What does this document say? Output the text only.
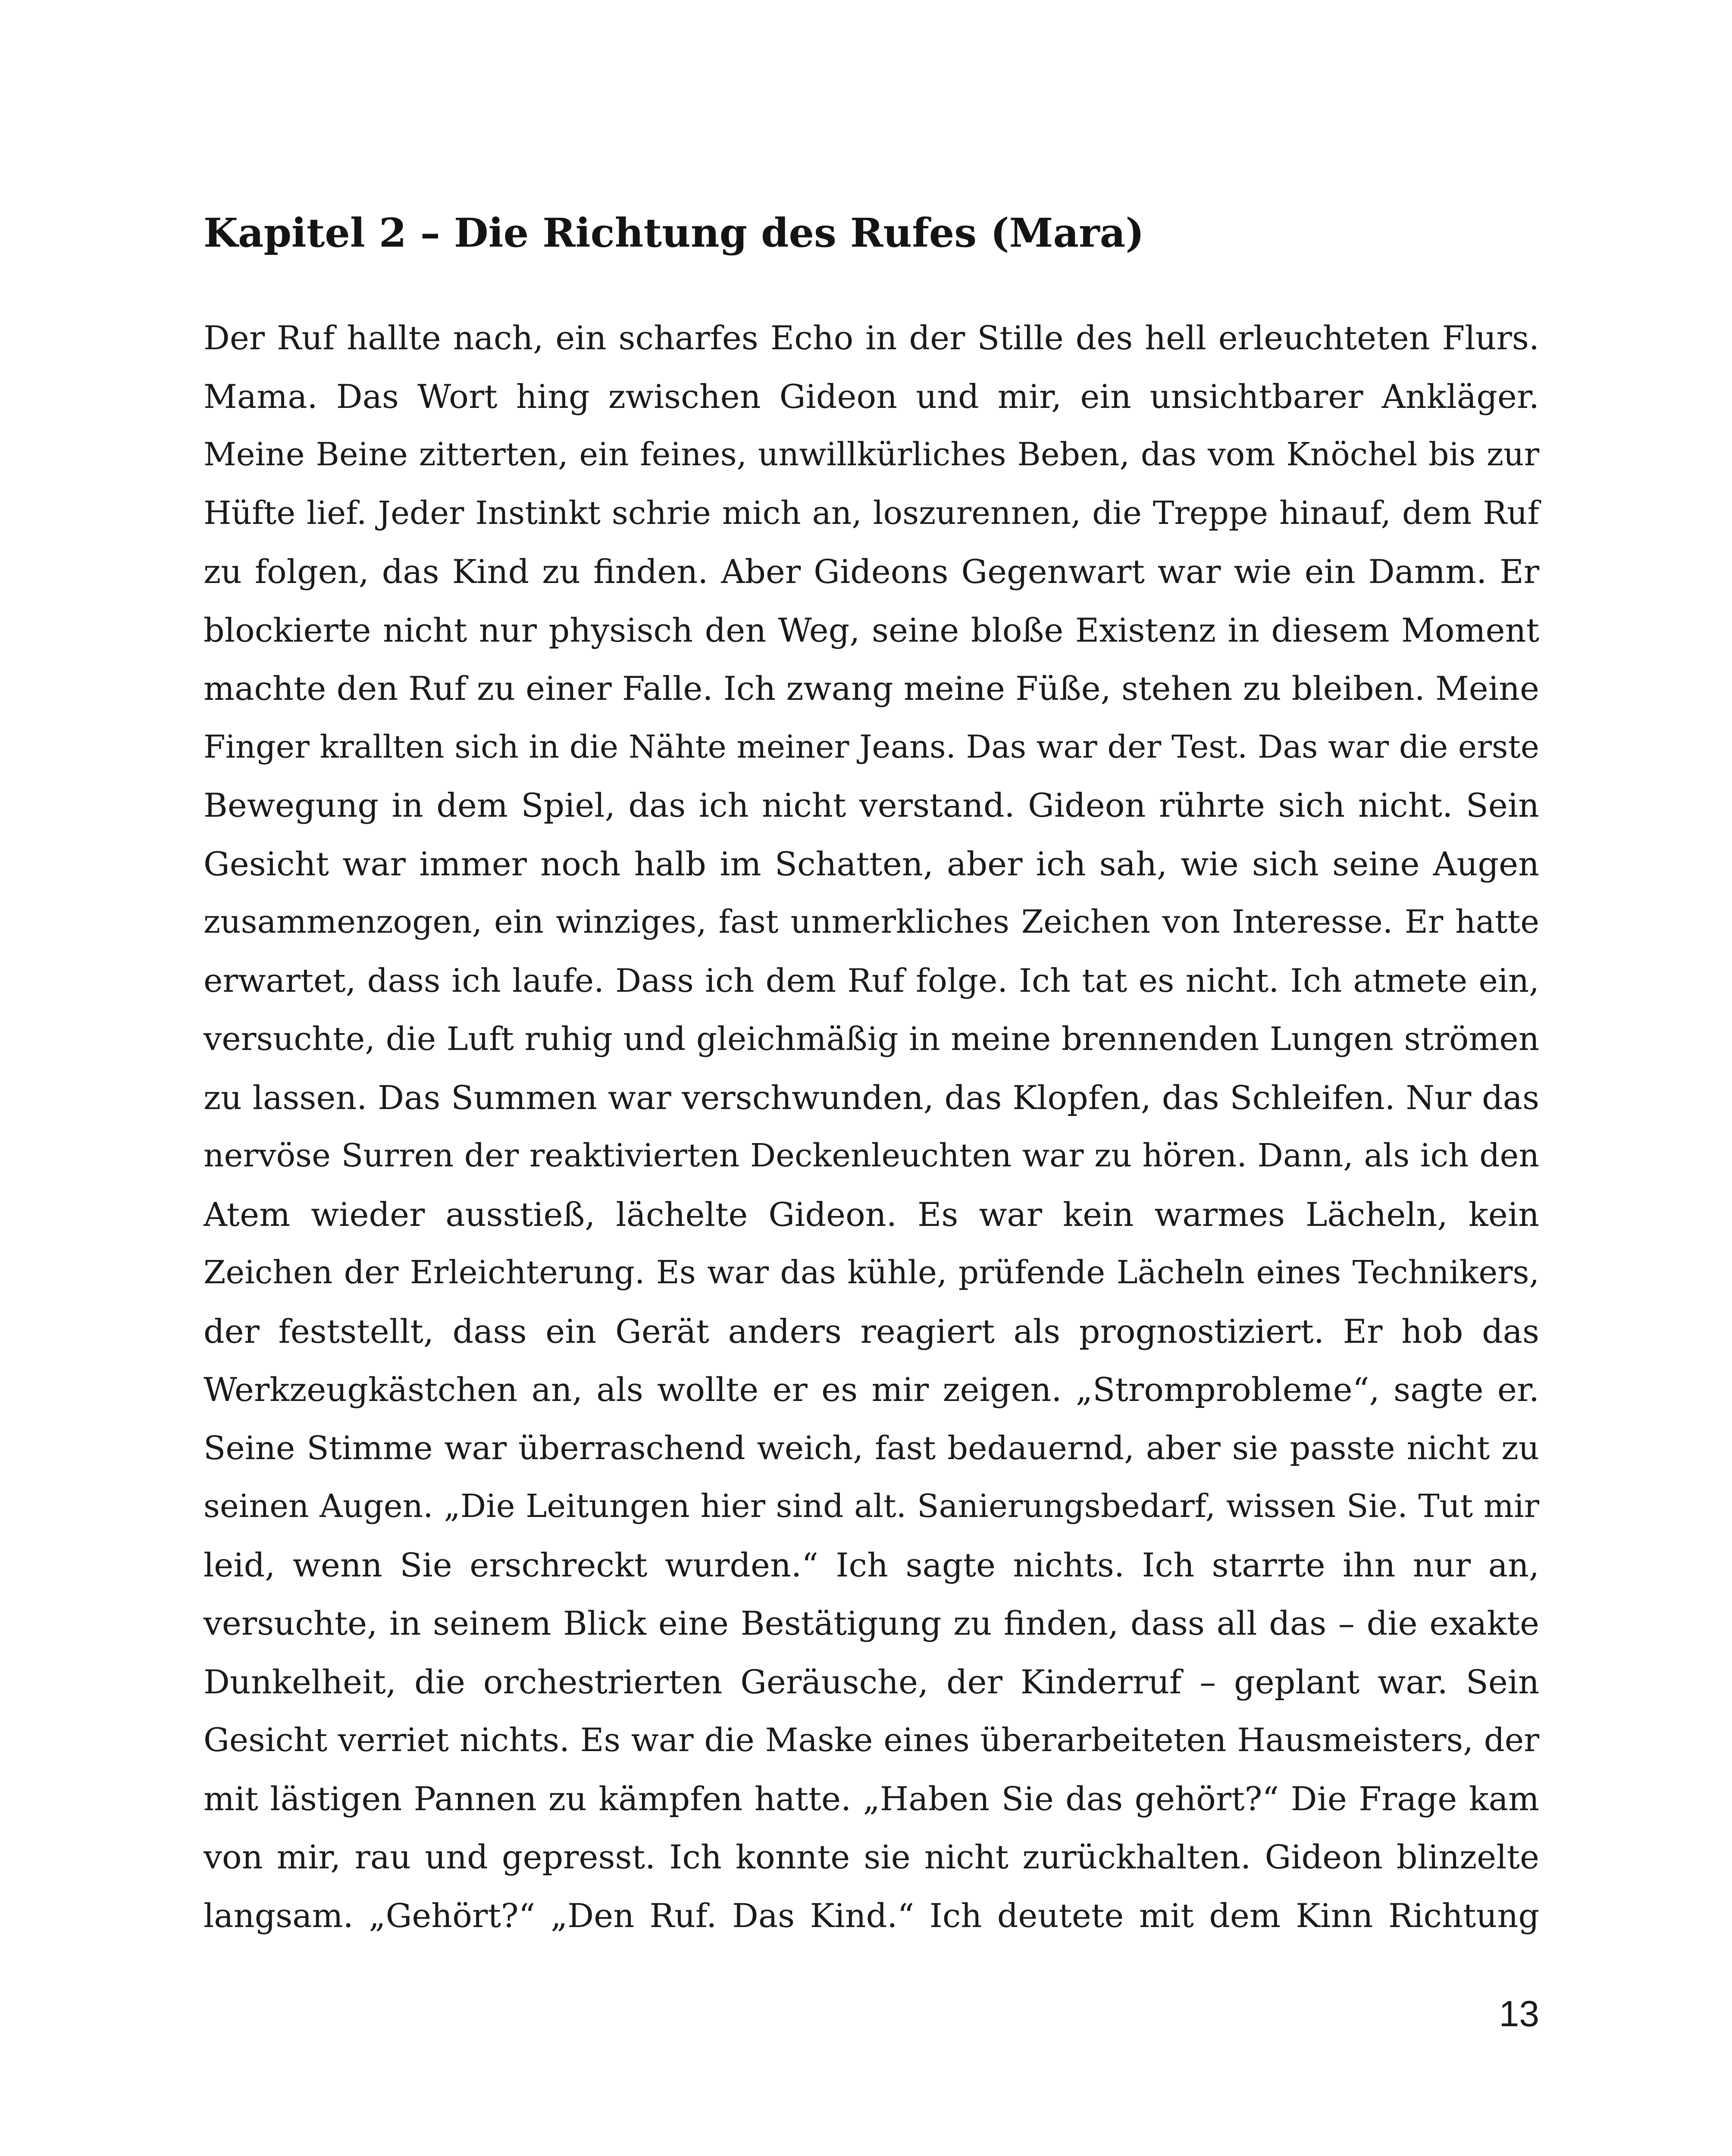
Kapitel 2 – Die Richtung des Rufes (Mara)
Der Ruf hallte nach, ein scharfes Echo in der Stille des hell erleuchteten Flurs.
Mama. Das Wort hing zwischen Gideon und mir, ein unsichtbarer Ankläger.
Meine Beine zitterten, ein feines, unwillkürliches Beben, das vom Knöchel bis zur
Hüfte lief. Jeder Instinkt schrie mich an, loszurennen, die Treppe hinauf, dem Ruf
zu folgen, das Kind zu finden. Aber Gideons Gegenwart war wie ein Damm. Er
blockierte nicht nur physisch den Weg, seine bloße Existenz in diesem Moment
machte den Ruf zu einer Falle. Ich zwang meine Füße, stehen zu bleiben. Meine
Finger krallten sich in die Nähte meiner Jeans. Das war der Test. Das war die erste
Bewegung in dem Spiel, das ich nicht verstand. Gideon rührte sich nicht. Sein
Gesicht war immer noch halb im Schatten, aber ich sah, wie sich seine Augen
zusammenzogen, ein winziges, fast unmerkliches Zeichen von Interesse. Er hatte
erwartet, dass ich laufe. Dass ich dem Ruf folge. Ich tat es nicht. Ich atmete ein,
versuchte, die Luft ruhig und gleichmäßig in meine brennenden Lungen strömen
zu lassen. Das Summen war verschwunden, das Klopfen, das Schleifen. Nur das
nervöse Surren der reaktivierten Deckenleuchten war zu hören. Dann, als ich den
Atem wieder ausstieß, lächelte Gideon. Es war kein warmes Lächeln, kein
Zeichen der Erleichterung. Es war das kühle, prüfende Lächeln eines Technikers,
der feststellt, dass ein Gerät anders reagiert als prognostiziert. Er hob das
Werkzeugkästchen an, als wollte er es mir zeigen. „Stromprobleme“, sagte er.
Seine Stimme war überraschend weich, fast bedauernd, aber sie passte nicht zu
seinen Augen. „Die Leitungen hier sind alt. Sanierungsbedarf, wissen Sie. Tut mir
leid, wenn Sie erschreckt wurden.“ Ich sagte nichts. Ich starrte ihn nur an,
versuchte, in seinem Blick eine Bestätigung zu finden, dass all das – die exakte
Dunkelheit, die orchestrierten Geräusche, der Kinderruf – geplant war. Sein
Gesicht verriet nichts. Es war die Maske eines überarbeiteten Hausmeisters, der
mit lästigen Pannen zu kämpfen hatte. „Haben Sie das gehört?“ Die Frage kam
von mir, rau und gepresst. Ich konnte sie nicht zurückhalten. Gideon blinzelte
langsam. „Gehört?“ „Den Ruf. Das Kind.“ Ich deutete mit dem Kinn Richtung
13
